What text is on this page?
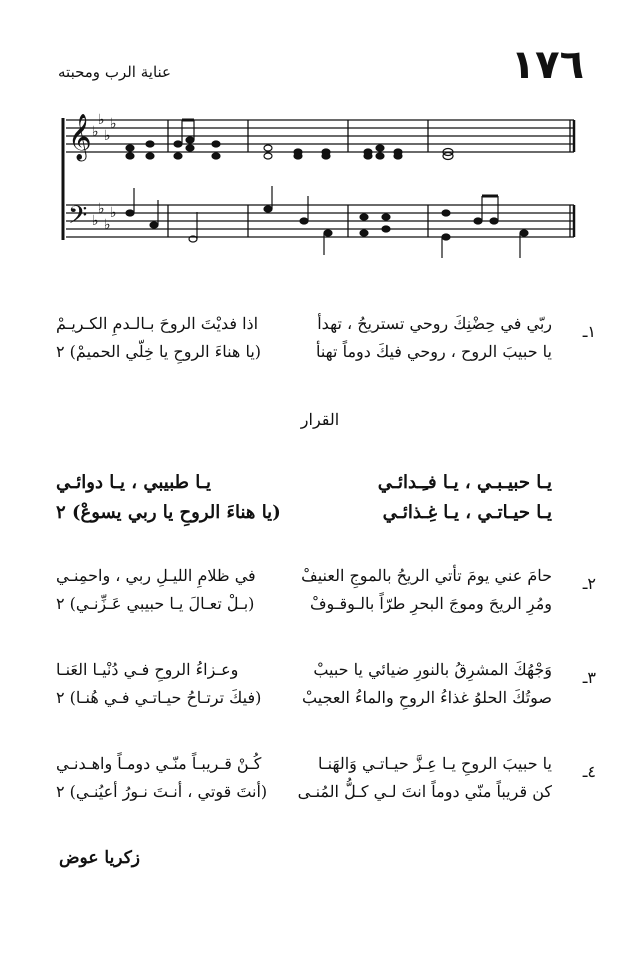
١٧٦
عناية الرب ومحبته
𝄞
𝄢
♭
♭
♭
♭
♭
♭
♭
♭
١ـ
ربّي في حِضْنِكَ روحي تستريحُ ، تهدأ
اذا فديْتَ الروحَ بـالـدمِ الكـريـمْ
يا حبيبَ الروح ، روحي فيكَ دوماً تهنأ
(يا هناءَ الروحِ يا خِلّي الحميمْ) ٢
القرار
يـا حبيـبـي ، يـا فـِـدائـي
يـا طبيبي ، يـا دوائـي
يـا حيـاتـي ، يـا غِـذائـي
(يا هناءَ الروحِ يا ربي يسوعْ) ٢
٢ـ
حامَ عني يومَ تأتي الريحُ بالموجِ العنيفْ
في ظلامِ الليـلِ ربي ، واحمِنـي
ومُرِ الريحَ وموجَ البحرِ طرّاً بالـوقـوفْ
(بـلْ تعـالَ يـا حبيبي عَـزِّنـي) ٢
٣ـ
وَجْهُكَ المشرِقُ بالنورِ ضيائي يا حبيبْ
وعـزاءُ الروحِ فـي دُنْيـا العَنـا
صوتُكَ الحلوُ غذاءُ الروحِ والماءُ العجيبْ
(فيكَ ترتـاحُ حيـاتـي فـي هُنـا) ٢
٤ـ
يا حبيبَ الروحِ يـا عِـزَّ حيـاتـي وَالهَنـا
كُـنْ قـريبـاً منّـي دومـاً واهـدنـي
كن قريباً منّي دوماً انتَ لـي كـلُّ المُنـى
(أنتَ قوتي ، أنـتَ نـورُ أعيُنـي) ٢
زكريا عوض
